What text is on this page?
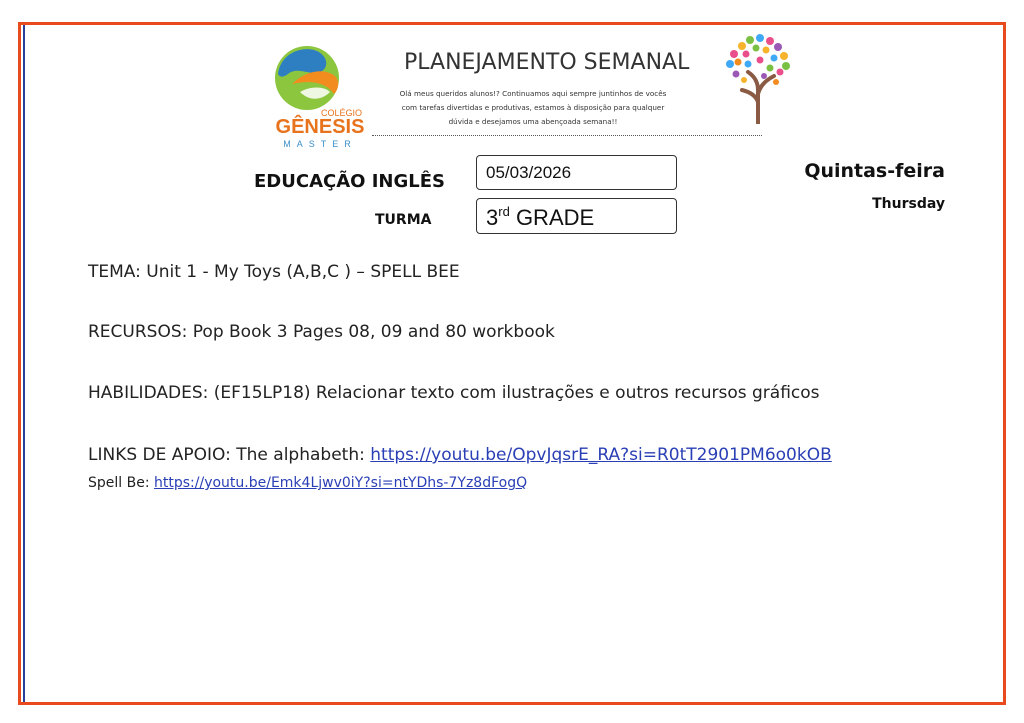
COLÉGIO
GÊNESIS
MASTER
PLANEJAMENTO SEMANAL
Olá meus queridos alunos!? Continuamos aqui sempre juntinhos de vocês
com tarefas divertidas e produtivas, estamos à disposição para qualquer
dúvida e desejamos uma abençoada semana!!
EDUCAÇÃO INGLÊS
TURMA
05/03/2026
3rd GRADE
Quintas-feira
Thursday
TEMA: Unit 1 - My Toys (A,B,C ) – SPELL BEE
RECURSOS: Pop Book 3 Pages 08, 09 and 80 workbook
HABILIDADES: (EF15LP18) Relacionar texto com ilustrações e outros recursos gráficos
LINKS DE APOIO: The alphabeth: https://youtu.be/OpvJqsrE_RA?si=R0tT2901PM6o0kOB
Spell Be: https://youtu.be/Emk4Ljwv0iY?si=ntYDhs-7Yz8dFogQ
